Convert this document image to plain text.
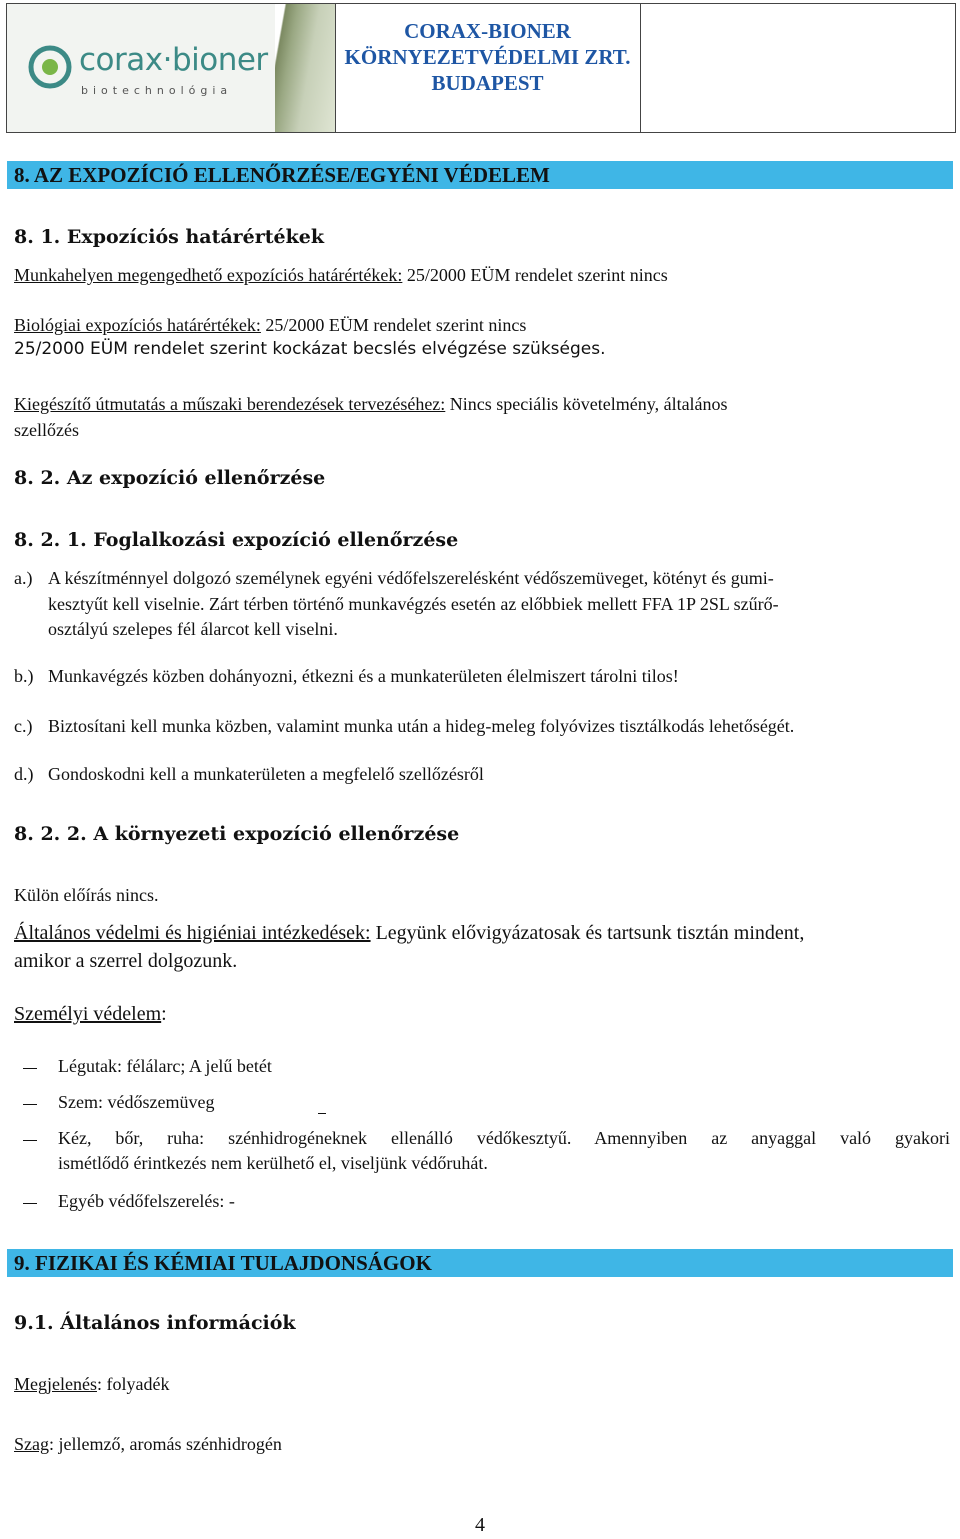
corax·bioner
biotechnológia
CORAX-BIONER
KÖRNYEZETVÉDELMI ZRT.
BUDAPEST
8. AZ EXPOZÍCIÓ ELLENŐRZÉSE/EGYÉNI VÉDELEM
8. 1. Expozíciós határértékek
Munkahelyen megengedhető expozíciós határértékek: 25/2000 EÜM rendelet szerint nincs
Biológiai expozíciós határértékek: 25/2000 EÜM rendelet szerint nincs
25/2000 EÜM rendelet szerint kockázat becslés elvégzése szükséges.
Kiegészítő útmutatás a műszaki berendezések tervezéséhez: Nincs speciális követelmény, általános
szellőzés
8. 2. Az expozíció ellenőrzése
8. 2. 1. Foglalkozási expozíció ellenőrzése
a.) A készítménnyel dolgozó személynek egyéni védőfelszerelésként védőszemüveget, kötényt és gumi-
kesztyűt kell viselnie. Zárt térben történő munkavégzés esetén az előbbiek mellett FFA 1P 2SL szűrő-
osztályú szelepes fél álarcot kell viselni.
b.) Munkavégzés közben dohányozni, étkezni és a munkaterületen élelmiszert tárolni tilos!
c.) Biztosítani kell munka közben, valamint munka után a hideg-meleg folyóvizes tisztálkodás lehetőségét.
d.) Gondoskodni kell a munkaterületen a megfelelő szellőzésről
8. 2. 2. A környezeti expozíció ellenőrzése
Külön előírás nincs.
Általános védelmi és higiéniai intézkedések: Legyünk elővigyázatosak és tartsunk tisztán mindent,
amikor a szerrel dolgozunk.
Személyi védelem:
Légutak: félálarc; A jelű betét
Szem: védőszemüveg
Kéz, bőr, ruha: szénhidrogéneknek ellenálló védőkesztyű. Amennyiben az anyaggal való gyakori
ismétlődő érintkezés nem kerülhető el, viseljünk védőruhát.
Egyéb védőfelszerelés: -
9. FIZIKAI ÉS KÉMIAI TULAJDONSÁGOK
9.1. Általános információk
Megjelenés: folyadék
Szag: jellemző, aromás szénhidrogén
4
